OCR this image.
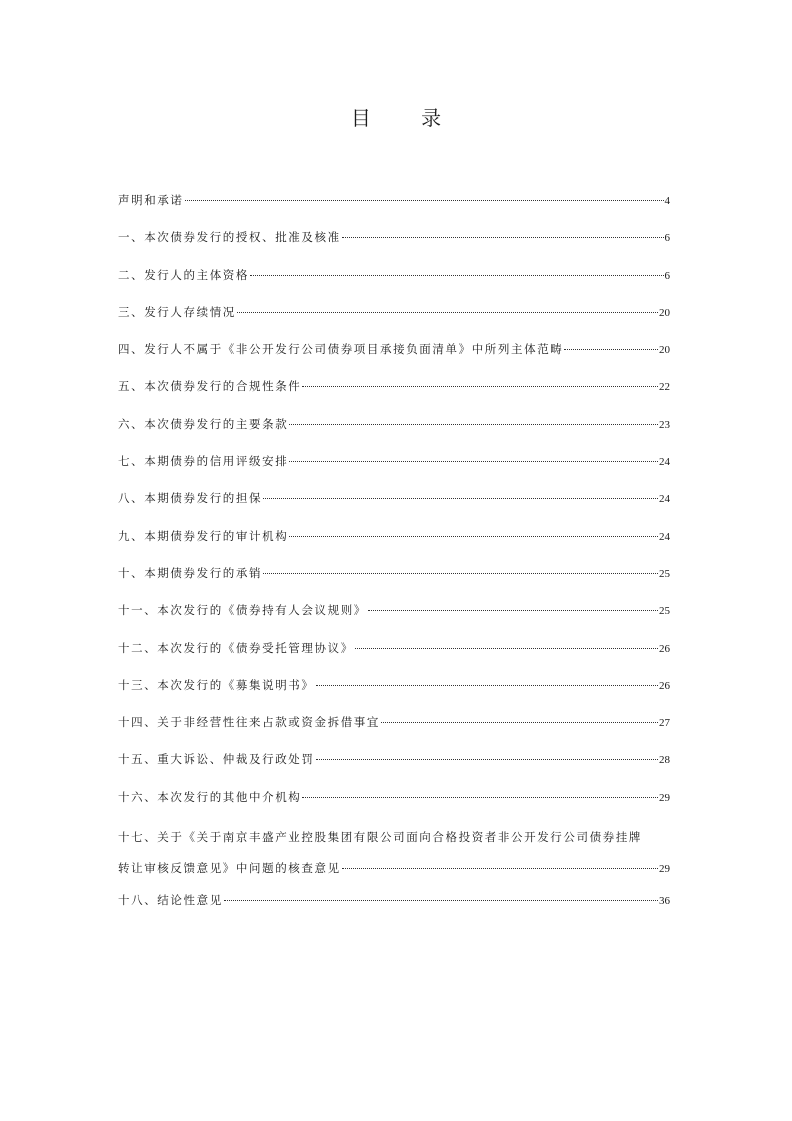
目 录
声明和承诺	4
一、本次债券发行的授权、批准及核准	6
二、发行人的主体资格	6
三、发行人存续情况	20
四、发行人不属于《非公开发行公司债券项目承接负面清单》中所列主体范畴	20
五、本次债券发行的合规性条件	22
六、本次债券发行的主要条款	23
七、本期债券的信用评级安排	24
八、本期债券发行的担保	24
九、本期债券发行的审计机构	24
十、本期债券发行的承销	25
十一、本次发行的《债券持有人会议规则》	25
十二、本次发行的《债券受托管理协议》	26
十三、本次发行的《募集说明书》	26
十四、关于非经营性往来占款或资金拆借事宜	27
十五、重大诉讼、仲裁及行政处罚	28
十六、本次发行的其他中介机构	29
十七、关于《关于南京丰盛产业控股集团有限公司面向合格投资者非公开发行公司债券挂牌
转让审核反馈意见》中问题的核查意见	29
十八、结论性意见	36
